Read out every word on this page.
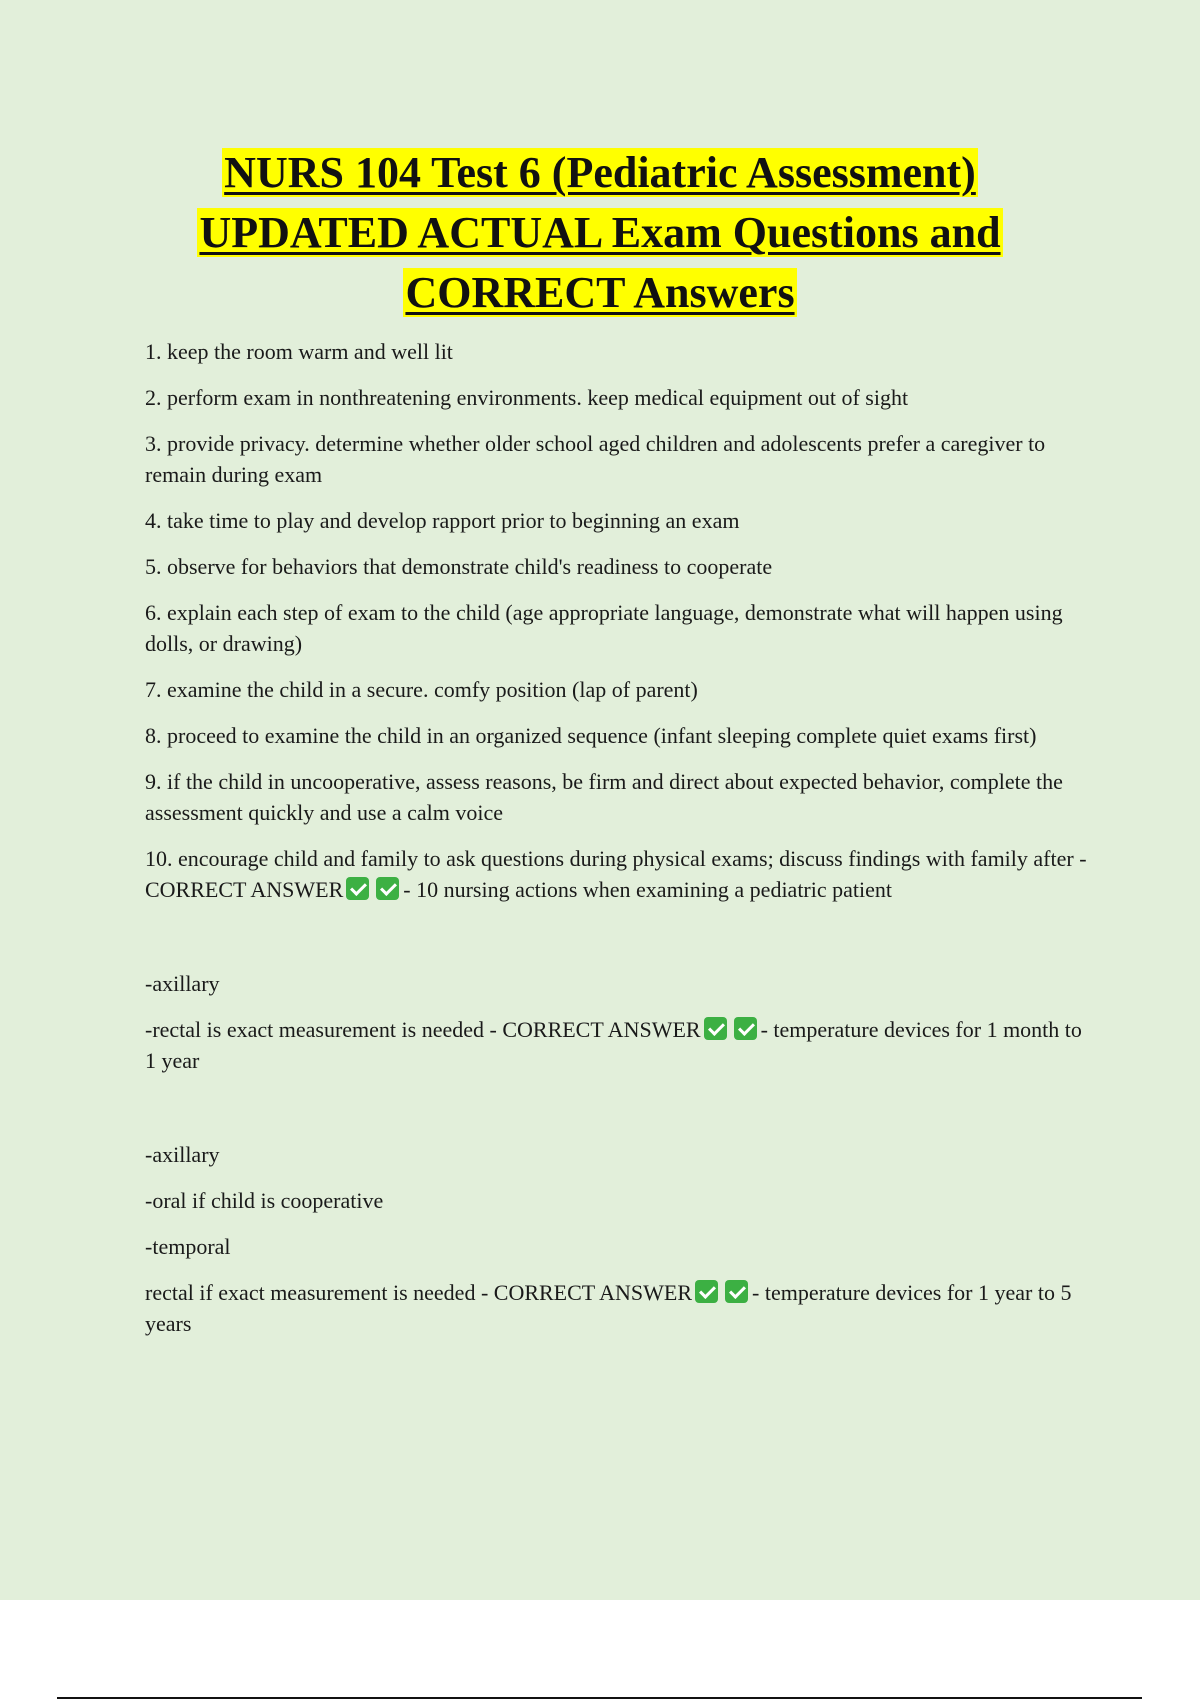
NURS 104 Test 6 (Pediatric Assessment)
UPDATED ACTUAL Exam Questions and
CORRECT Answers

1. keep the room warm and well lit

2. perform exam in nonthreatening environments. keep medical equipment out of sight

3. provide privacy. determine whether older school aged children and adolescents prefer a caregiver to remain during exam

4. take time to play and develop rapport prior to beginning an exam

5. observe for behaviors that demonstrate child's readiness to cooperate

6. explain each step of exam to the child (age appropriate language, demonstrate what will happen using dolls, or drawing)

7. examine the child in a secure. comfy position (lap of parent)

8. proceed to examine the child in an organized sequence (infant sleeping complete quiet exams first)

9. if the child in uncooperative, assess reasons, be firm and direct about expected behavior, complete the assessment quickly and use a calm voice

10. encourage child and family to ask questions during physical exams; discuss findings with family after - CORRECT ANSWER	- 10 nursing actions when examining a pediatric patient

-axillary

-rectal is exact measurement is needed - CORRECT ANSWER	- temperature devices for 1 month to 1 year

-axillary

-oral if child is cooperative

-temporal

rectal if exact measurement is needed - CORRECT ANSWER	- temperature devices for 1 year to 5 years
